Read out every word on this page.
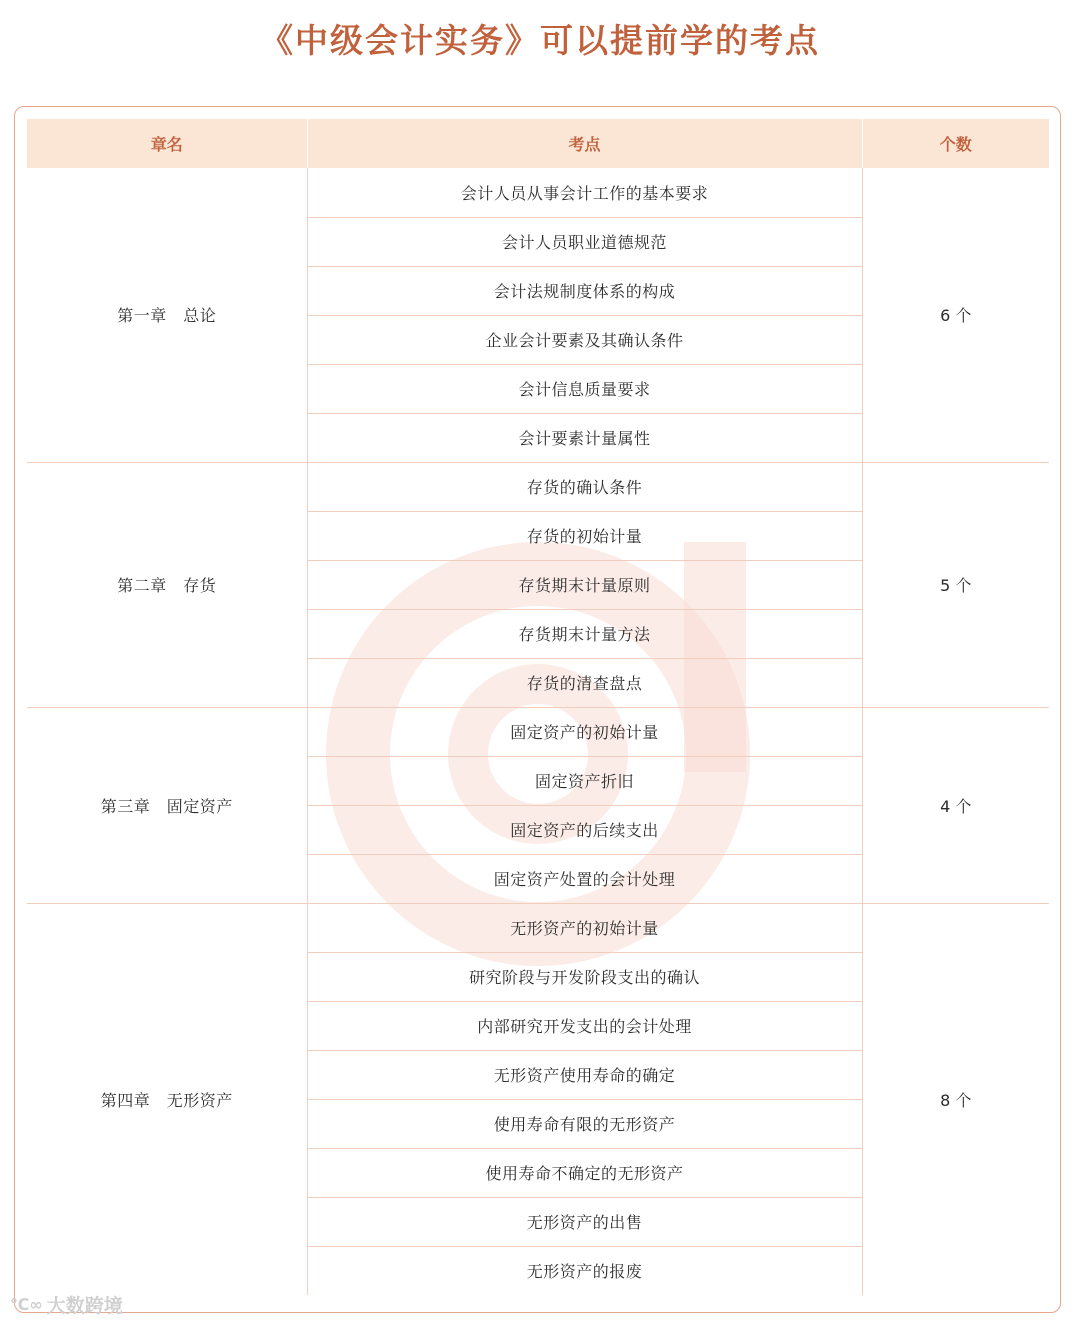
《中级会计实务》可以提前学的考点
章名	考点	个数
第一章　总论	会计人员从事会计工作的基本要求	6 个
	会计人员职业道德规范	
	会计法规制度体系的构成	
	企业会计要素及其确认条件	
	会计信息质量要求	
	会计要素计量属性	
第二章　存货	存货的确认条件	5 个
	存货的初始计量	
	存货期末计量原则	
	存货期末计量方法	
	存货的清查盘点	
第三章　固定资产	固定资产的初始计量	4 个
	固定资产折旧	
	固定资产的后续支出	
	固定资产处置的会计处理	
第四章　无形资产	无形资产的初始计量	8 个
	研究阶段与开发阶段支出的确认	
	内部研究开发支出的会计处理	
	无形资产使用寿命的确定	
	使用寿命有限的无形资产	
	使用寿命不确定的无形资产	
	无形资产的出售	
	无形资产的报废	
℃∞ 大数跨境
